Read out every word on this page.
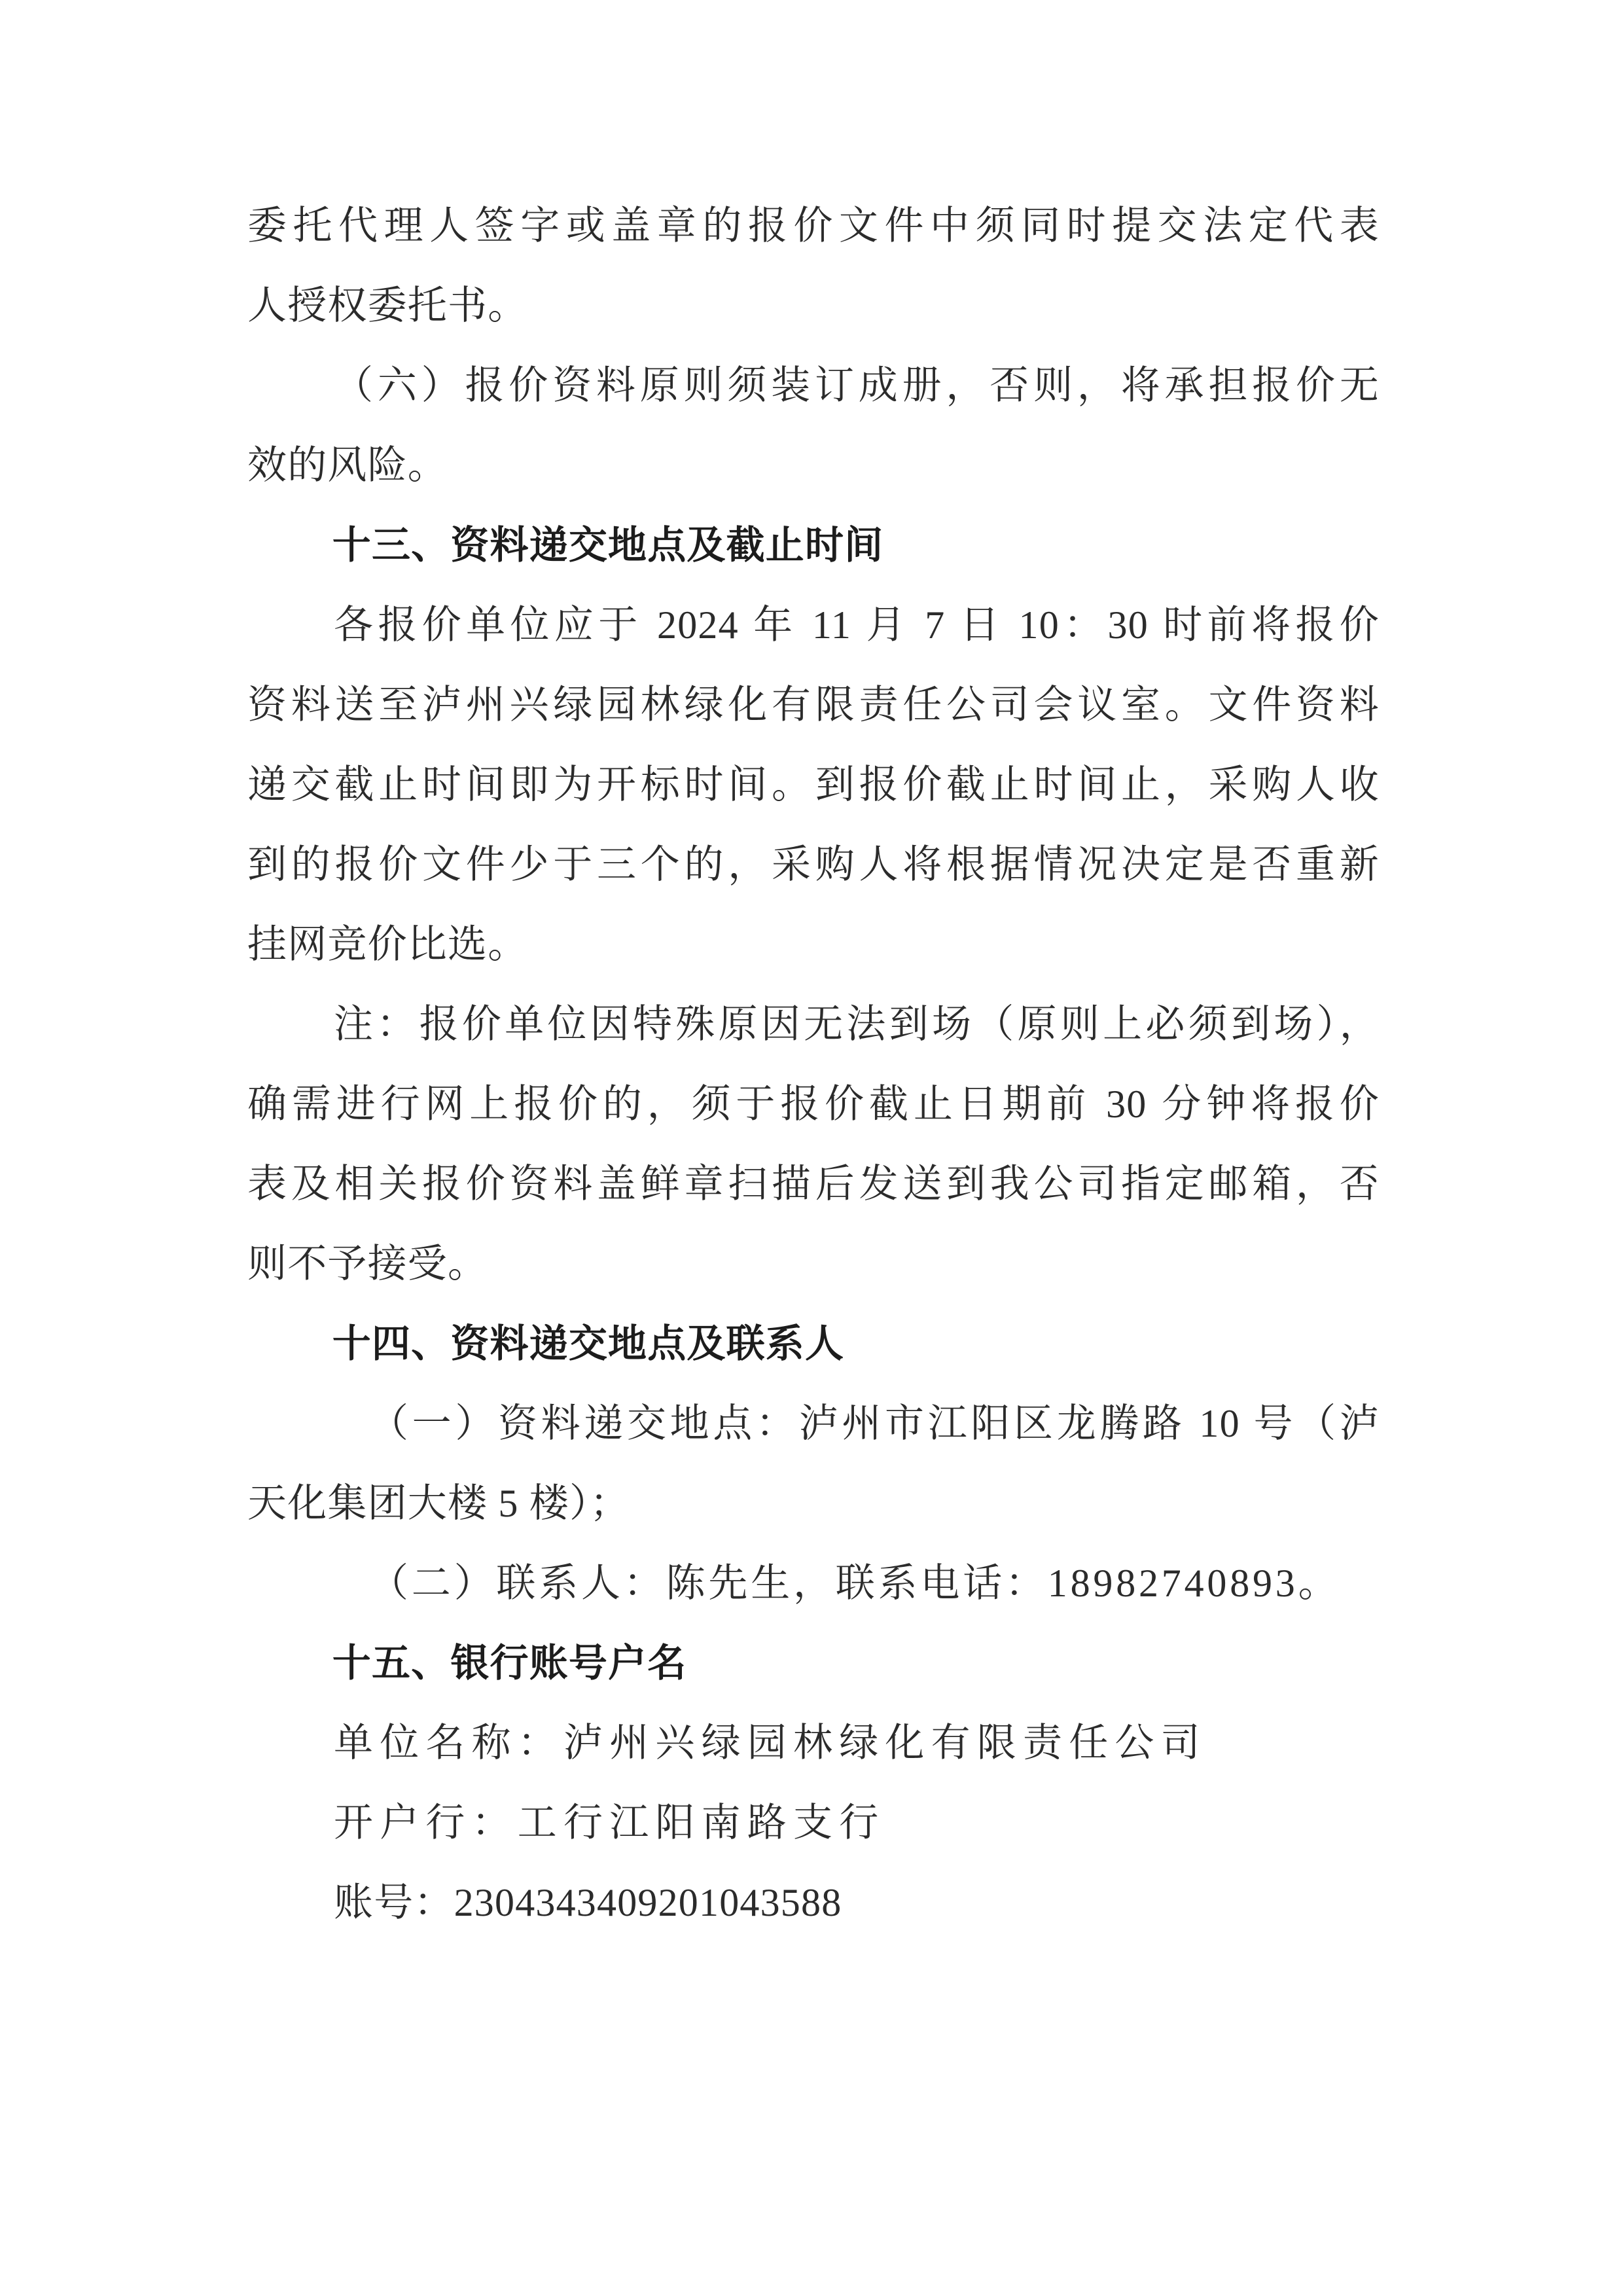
委托代理人签字或盖章的报价文件中须同时提交法定代表
人授权委托书。
（六）报价资料原则须装订成册，否则，将承担报价无
效的风险。
十三、资料递交地点及截止时间
各报价单位应于 2024 年 11 月 7 日 10：30 时前将报价
资料送至泸州兴绿园林绿化有限责任公司会议室。文件资料
递交截止时间即为开标时间。到报价截止时间止，采购人收
到的报价文件少于三个的，采购人将根据情况决定是否重新
挂网竞价比选。
注：报价单位因特殊原因无法到场（原则上必须到场），
确需进行网上报价的，须于报价截止日期前 30 分钟将报价
表及相关报价资料盖鲜章扫描后发送到我公司指定邮箱，否
则不予接受。
十四、资料递交地点及联系人
（一）资料递交地点：泸州市江阳区龙腾路 10 号（泸
天化集团大楼 5 楼）；
（二）联系人：陈先生，联系电话：18982740893。
十五、银行账号户名
单位名称：泸州兴绿园林绿化有限责任公司
开户行：工行江阳南路支行
账号：2304343409201043588
